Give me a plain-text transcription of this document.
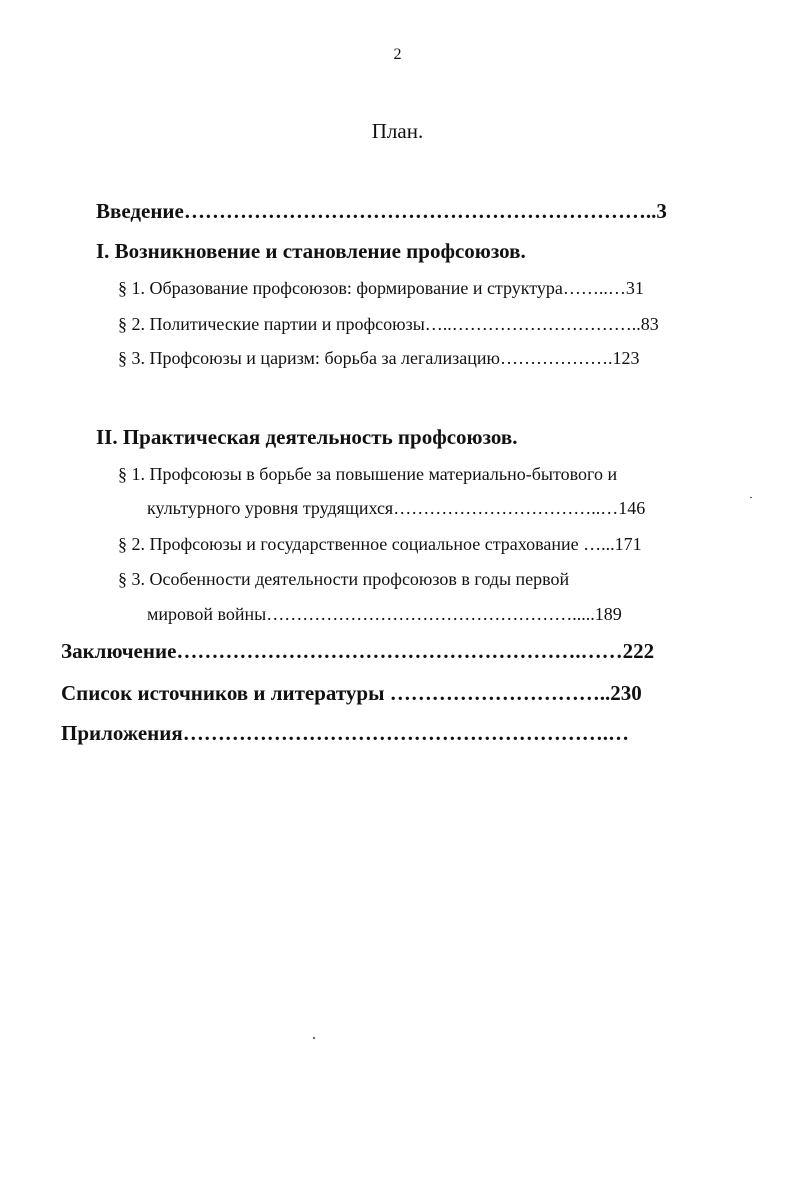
2
План.
Введение…………………………………………………………..3
I. Возникновение и становление профсоюзов.
§ 1. Образование профсоюзов: формирование и структура……..…31
§ 2. Политические партии и профсоюзы…..…………………………..83
§ 3. Профсоюзы и царизм: борьба за легализацию……………….123
II. Практическая деятельность профсоюзов.
§ 1. Профсоюзы в борьбе за повышение материально-бытового и
культурного уровня трудящихся……………………………..…146
§ 2. Профсоюзы и государственное социальное страхование …...171
§ 3. Особенности деятельности профсоюзов в годы первой
мировой войны…………………………………………….....189
Заключение………………………………………………….……222
Список источников и литературы …………………………..230
Приложения…………………………………………………….…
